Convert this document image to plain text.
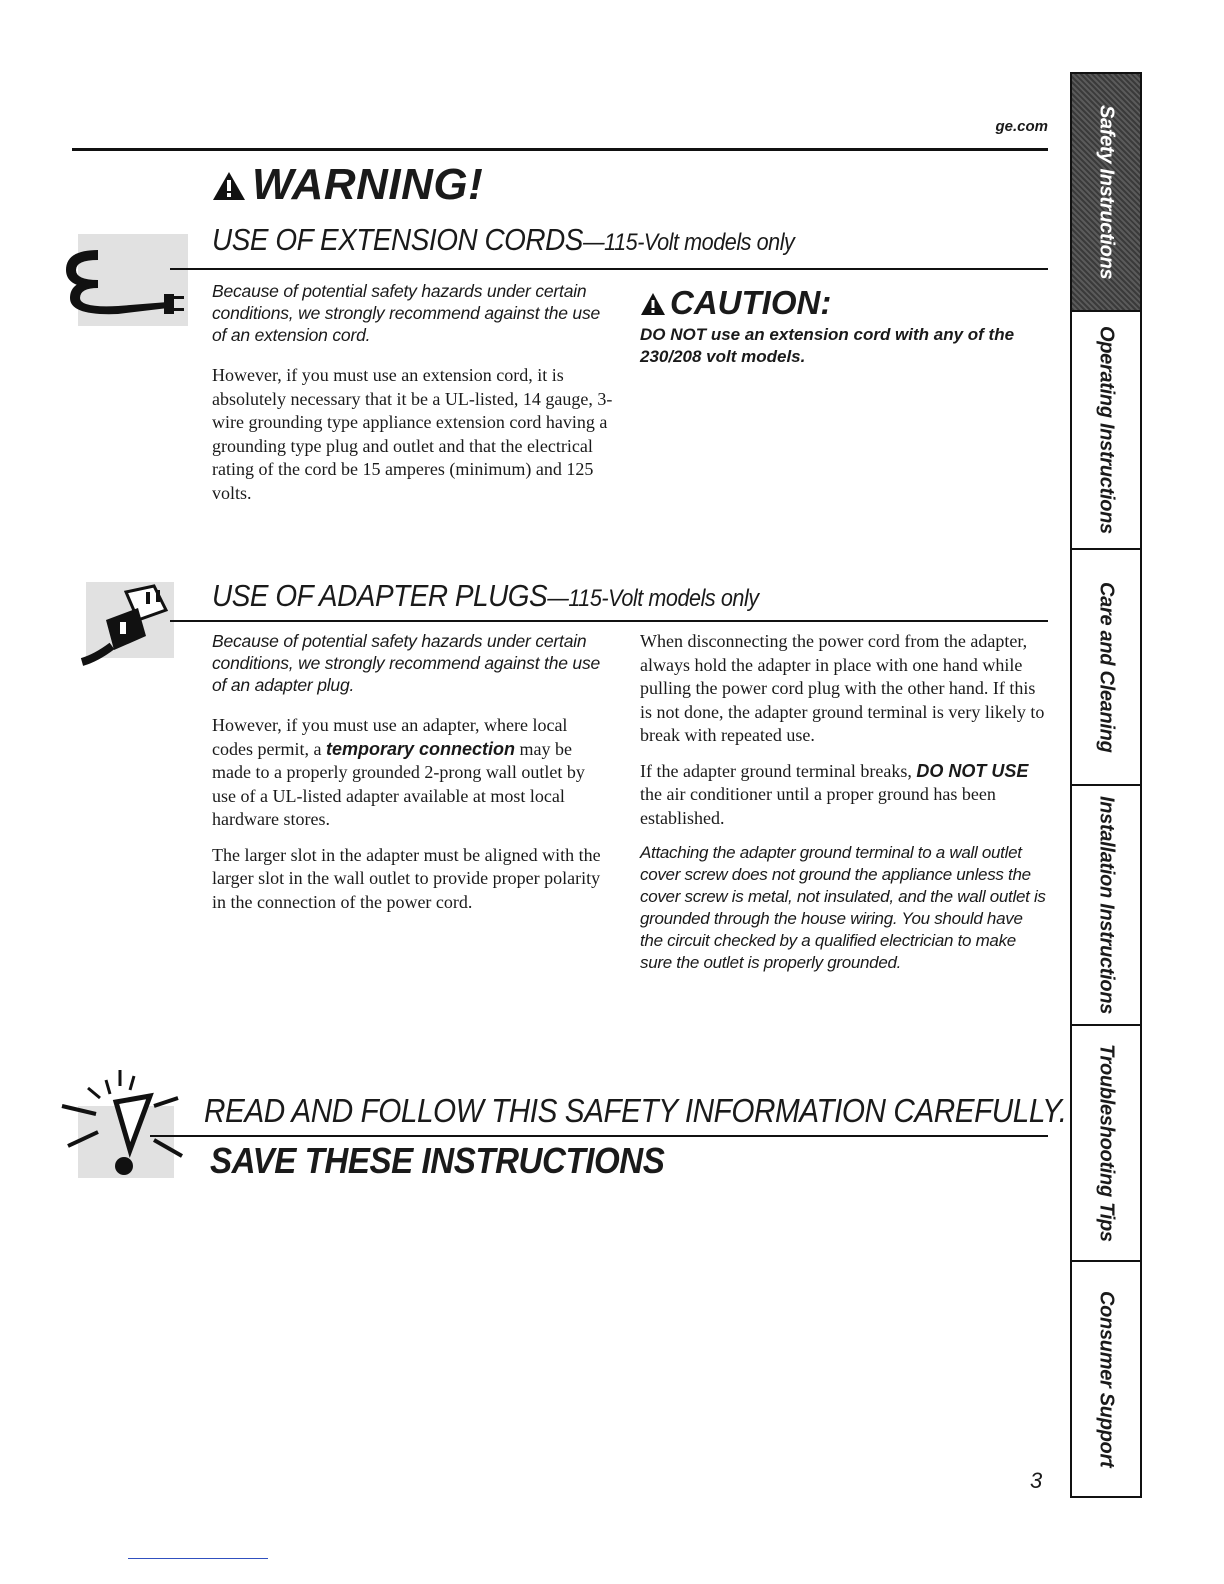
ge.com
WARNING!
USE OF EXTENSION CORDS—115-Volt models only
Because of potential safety hazards under certain conditions, we strongly recommend against the use of an extension cord.

However, if you must use an extension cord, it is absolutely necessary that it be a UL-listed, 14 gauge, 3-wire grounding type appliance extension cord having a grounding type plug and outlet and that the electrical rating of the cord be 15 amperes (minimum) and 125 volts.

CAUTION:
DO NOT use an extension cord with any of the 230/208 volt models.
USE OF ADAPTER PLUGS—115-Volt models only
Because of potential safety hazards under certain conditions, we strongly recommend against the use of an adapter plug.

However, if you must use an adapter, where local codes permit, a temporary connection may be made to a properly grounded 2-prong wall outlet by use of a UL-listed adapter available at most local hardware stores.

The larger slot in the adapter must be aligned with the larger slot in the wall outlet to provide proper polarity in the connection of the power cord.

When disconnecting the power cord from the adapter, always hold the adapter in place with one hand while pulling the power cord plug with the other hand. If this is not done, the adapter ground terminal is very likely to break with repeated use.

If the adapter ground terminal breaks, DO NOT USE the air conditioner until a proper ground has been established.

Attaching the adapter ground terminal to a wall outlet cover screw does not ground the appliance unless the cover screw is metal, not insulated, and the wall outlet is grounded through the house wiring. You should have the circuit checked by a qualified electrician to make sure the outlet is properly grounded.

READ AND FOLLOW THIS SAFETY INFORMATION CAREFULLY.
SAVE THESE INSTRUCTIONS
3
Safety Instructions
Operating Instructions
Care and Cleaning
Installation Instructions
Troubleshooting Tips
Consumer Support
